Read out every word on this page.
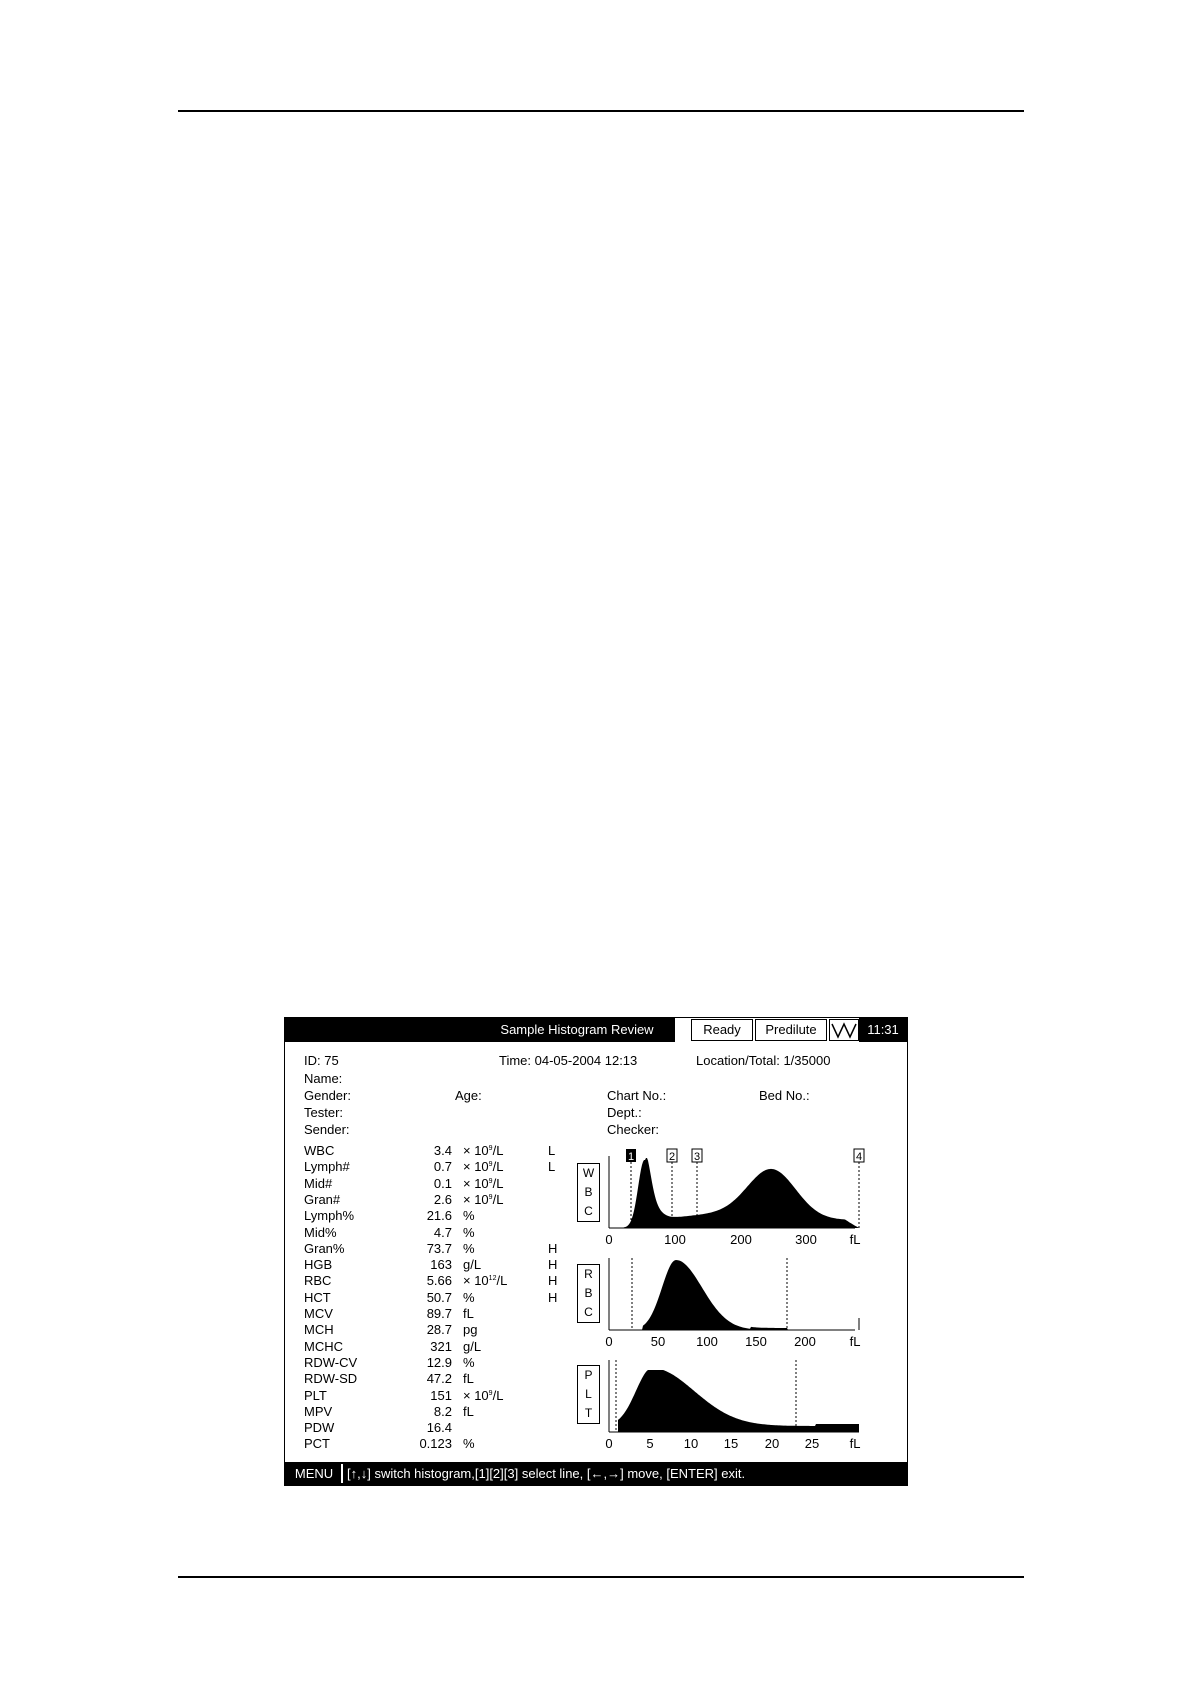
Sample Histogram Review	Ready	Predilute	11:31
ID: 75	Time: 04-05-2004 12:13	Location/Total: 1/35000
Name:
Gender:	Age:	Chart No.:	Bed No.:
Tester:	Dept.:
Sender:	Checker:
WBC	$3.4 \times 10^9/L$	L
Lymph#	$0.7 \times 10^9/L$	L
Mid#	$0.1 \times 10^9/L$
Gran#	$2.6 \times 10^9/L$
Lymph%	21.6 %
Mid%	4.7 %
Gran%	73.7 %	H
HGB	163 g/L	H
RBC	$5.66 \times 10^{12}/L$	H
HCT	50.7 %	H
MCV	89.7 fL
MCH	28.7 pg
MCHC	321 g/L
RDW-CV	12.9 %
RDW-SD	47.2 fL
PLT	$151 \times 10^9/L$
MPV	8.2 fL
PDW	16.4
PCT	0.123 %
W
B
C
R
B
C
P
L
T
1	2 3	4
0	100	200	300	fL
0	50 100 150 200	fL
0	5 10 15 20 25 fL
MENU	[↑,↓] switch histogram,[1][2][3] select line, [←,→] move, [ENTER] exit.
